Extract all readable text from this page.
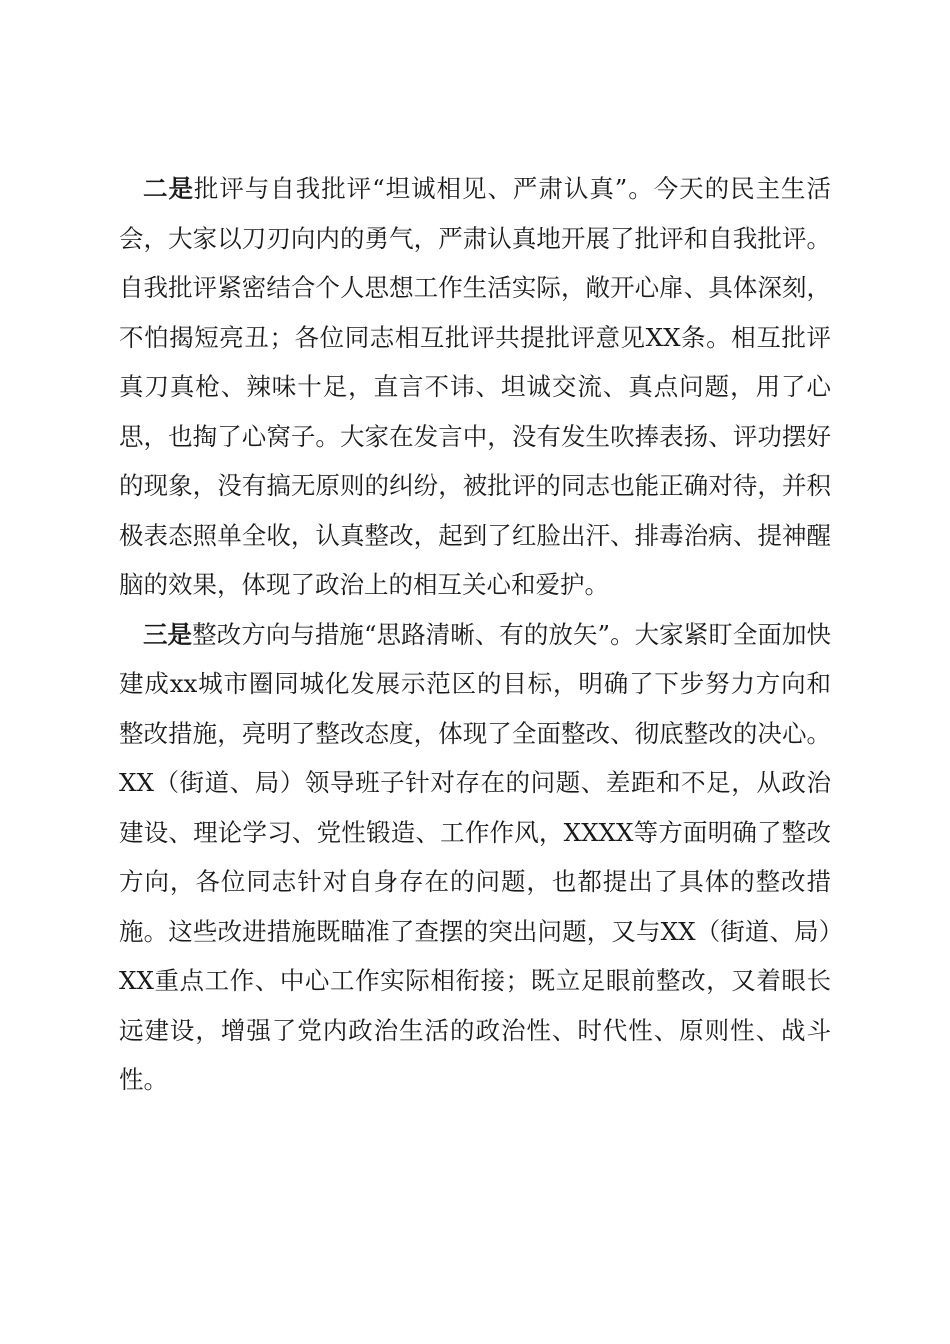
二是批评与自我批评“坦诚相见、严肃认真”。今天的民主生活会，大家以刀刃向内的勇气，严肃认真地开展了批评和自我批评。自我批评紧密结合个人思想工作生活实际，敞开心扉、具体深刻，不怕揭短亮丑；各位同志相互批评共提批评意见XX条。相互批评真刀真枪、辣味十足，直言不讳、坦诚交流、真点问题，用了心思，也掏了心窝子。大家在发言中，没有发生吹捧表扬、评功摆好的现象，没有搞无原则的纠纷，被批评的同志也能正确对待，并积极表态照单全收，认真整改，起到了红脸出汗、排毒治病、提神醒脑的效果，体现了政治上的相互关心和爱护。

三是整改方向与措施“思路清晰、有的放矢”。大家紧盯全面加快建成xx城市圈同城化发展示范区的目标，明确了下步努力方向和整改措施，亮明了整改态度，体现了全面整改、彻底整改的决心。XX（街道、局）领导班子针对存在的问题、差距和不足，从政治建设、理论学习、党性锻造、工作作风，XXXX等方面明确了整改方向，各位同志针对自身存在的问题，也都提出了具体的整改措施。这些改进措施既瞄准了查摆的突出问题，又与XX（街道、局）XX重点工作、中心工作实际相衔接；既立足眼前整改，又着眼长远建设，增强了党内政治生活的政治性、时代性、原则性、战斗性。
